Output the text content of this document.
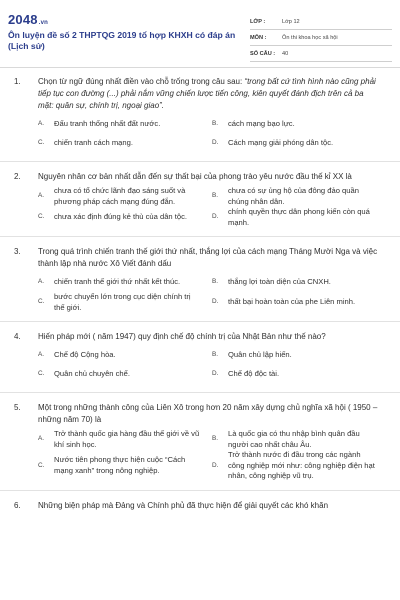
2048.vn
Ôn luyện đề số 2 THPTQG 2019 tổ hợp KHXH có đáp án (Lịch sử)
LỚP :	Lớp 12
MÔN :	Ôn thi khoa học xã hội
SỐ CÂU :	40
1.	Chọn từ ngữ đúng nhất điền vào chỗ trống trong câu sau: “trong bất cứ tình hình nào cũng phải tiếp tục con đường (...) phải nắm vững chiến lược tiến công, kiên quyết đánh địch trên cả ba mặt: quân sự, chính trị, ngoại giao”.
A.	Đấu tranh thống nhất đất nước.	B.	cách mạng bạo lực.
C.	chiến tranh cách mạng.	D.	Cách mạng giải phóng dân tộc.
2.	Nguyên nhân cơ bản nhất dẫn đến sự thất bại của phong trào yêu nước đầu thế kỉ XX là
A.
chưa có tổ chức lãnh đạo sáng suốt và phương pháp cách mạng đúng đắn.
B.
chưa có sự ủng hộ của đông đảo quần chúng nhân dân.
C.	chưa xác định đúng kẻ thù của dân tộc.	D.
chính quyền thực dân phong kiến còn quá mạnh.
3.	Trong quá trình chiến tranh thế giới thứ nhất, thắng lợi của cách mạng Tháng Mười Nga và việc thành lập nhà nước Xô Viết đánh dấu
A.	chiến tranh thế giới thứ nhất kết thúc.	B.	thắng lợi toàn diện của CNXH.
C.
bước chuyển lớn trong cục diện chính trị thế giới.
D.	thất bại hoàn toàn của phe Liên minh.
4.	Hiến pháp mới ( năm 1947) quy định chế độ chính trị của Nhật Bản như thế nào?
A.	Chế độ Cộng hòa.	B.	Quân chủ lập hiến.
C.	Quân chủ chuyên chế.	D.	Chế độ độc tài.
5.	Một trong những thành công của Liên Xô trong hơn 20 năm xây dựng chủ nghĩa xã hội ( 1950 – những năm 70) là
A.
Trở thành quốc gia hàng đầu thế giới về vũ khí sinh học.
B.
Là quốc gia có thu nhập bình quân đầu người cao nhất châu Âu.
C.
Nước tiên phong thực hiện cuộc “Cách mạng xanh” trong nông nghiệp.
D.
Trở thành nước đi đầu trong các ngành công nghiệp mới như: công nghiệp điện hạt nhân, công nghiệp vũ trụ.
6.	Những biện pháp mà Đảng và Chính phủ đã thực hiện để giải quyết các khó khăn
